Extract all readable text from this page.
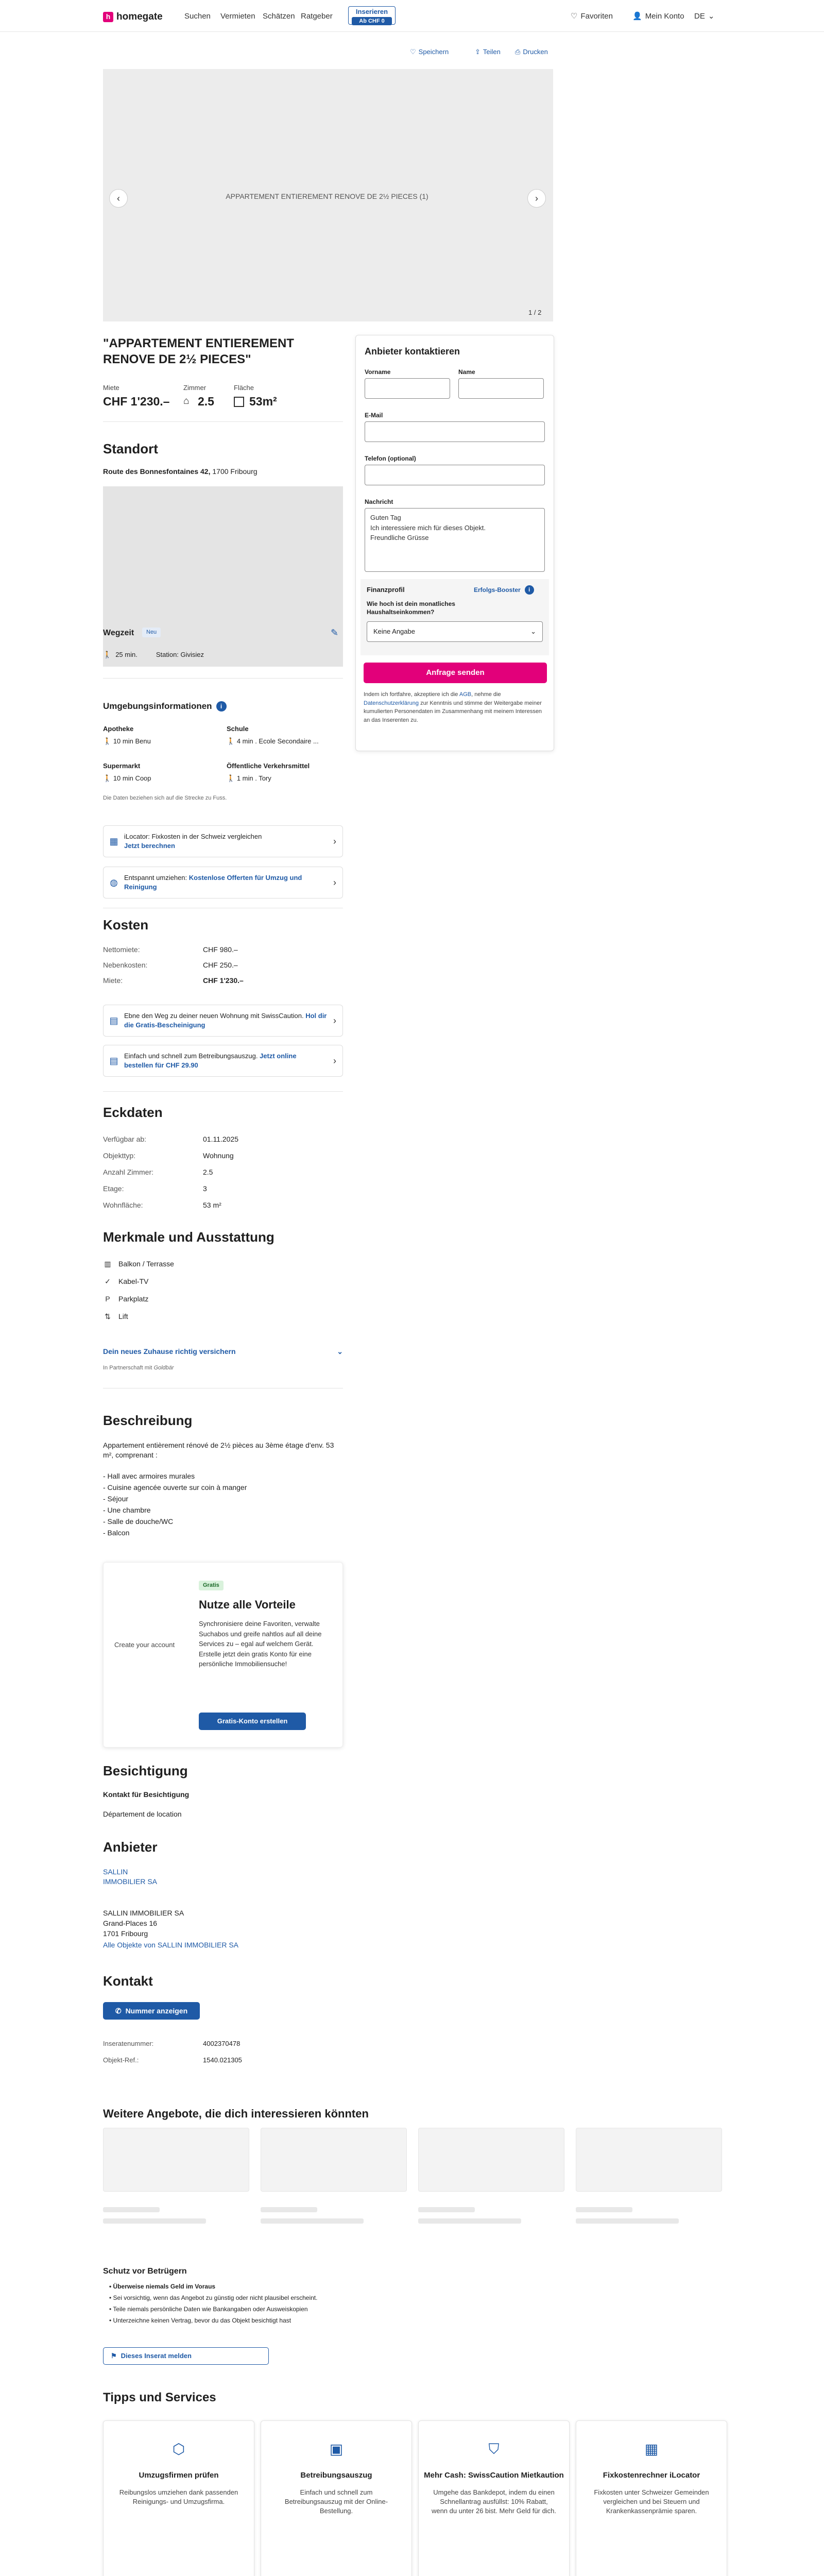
h homegate	Suchen Vermieten Schätzen Ratgeber
Inserieren
Ab CHF 0
♡ Favoriten	👤 Mein Konto DE ⌄
♡ Speichern	⇪ Teilen ⎙ Drucken
APPARTEMENT ENTIEREMENT RENOVE DE 2½ PIECES (1)
‹	›
1 / 2
"APPARTEMENT ENTIEREMENT RENOVE DE 2½ PIECES"
Miete
CHF 1'230.–
Zimmer
⌂ 2.5
Fläche
53m²
Standort
Route des Bonnesfontaines 42, 1700 Fribourg
Wegzeit	Neu	✎
🚶 25 min.	Station: Givisiez
Umgebungsinformationen	i
Apotheke
🚶 10 min Benu
Schule
🚶 4 min . Ecole Secondaire ...
Supermarkt
🚶 10 min Coop
Öffentliche Verkehrsmittel
🚶 1 min . Tory
Die Daten beziehen sich auf die Strecke zu Fuss.
▦ iLocator: Fixkosten in der Schweiz vergleichen
Jetzt berechnen	›
◍ Entspannt umziehen: Kostenlose Offerten für Umzug und Reinigung	›
Kosten
Nettomiete:	CHF 980.–
Nebenkosten:	CHF 250.–
Miete:	CHF 1'230.–
▤ Ebne den Weg zu deiner neuen Wohnung mit SwissCaution. Hol dir die Gratis-Bescheinigung	›
▤ Einfach und schnell zum Betreibungsauszug. Jetzt online bestellen für CHF 29.90	›
Eckdaten
Verfügbar ab:	01.11.2025
Objekttyp:	Wohnung
Anzahl Zimmer:	2.5
Etage:	3
Wohnfläche:	53 m²
Merkmale und Ausstattung
▥ Balkon / Terrasse
✓ Kabel-TV
P	Parkplatz
⇅ Lift
Dein neues Zuhause richtig versichern	⌄
In Partnerschaft mit Goldbär
Beschreibung
Appartement entièrement rénové de 2½ pièces au 3ème étage d'env. 53 m², comprenant :
- Hall avec armoires murales
- Cuisine agencée ouverte sur coin à manger
- Séjour
- Une chambre
- Salle de douche/WC
- Balcon
Create your account
Gratis
Nutze alle Vorteile
Synchronisiere deine Favoriten, verwalte Suchabos und greife nahtlos auf all deine Services zu – egal auf welchem Gerät. Erstelle jetzt dein gratis Konto für eine persönliche Immobiliensuche!
Gratis-Konto erstellen
Besichtigung
Kontakt für Besichtigung
Département de location
Anbieter
SALLIN IMMOBILIER SA
SALLIN IMMOBILIER SA
Grand-Places 16
1701 Fribourg
Alle Objekte von SALLIN IMMOBILIER SA
Kontakt
✆ Nummer anzeigen
Inseratenummer:	4002370478
Objekt-Ref.:	1540.021305
Anbieter kontaktieren
Vorname	Name
E-Mail
Telefon (optional)
Nachricht
Guten Tag
Ich interessiere mich für dieses Objekt.
Freundliche Grüsse
Finanzprofil	Erfolgs-Booster	i
Wie hoch ist dein monatliches Haushaltseinkommen?
Keine Angabe	⌄
Anfrage senden
Indem ich fortfahre, akzeptiere ich die AGB, nehme die Datenschutzerklärung zur Kenntnis und stimme der Weitergabe meiner kumulierten Personendaten im Zusammenhang mit meinem Interessen an das Inserenten zu.
Weitere Angebote, die dich interessieren könnten
Schutz vor Betrügern
• Überweise niemals Geld im Voraus
• Sei vorsichtig, wenn das Angebot zu günstig oder nicht plausibel erscheint.
• Teile niemals persönliche Daten wie Bankangaben oder Ausweiskopien
• Unterzeichne keinen Vertrag, bevor du das Objekt besichtigt hast
⚑ Dieses Inserat melden
Tipps und Services
⬡
Umzugsfirmen prüfen
Reibungslos umziehen dank passenden Reinigungs- und Umzugsfirma.
▣
Betreibungsauszug
Einfach und schnell zum Betreibungsauszug mit der Online-Bestellung.
⛉
Mehr Cash: SwissCaution Mietkaution
Umgehe das Bankdepot, indem du einen Schnellantrag ausfüllst: 10% Rabatt, wenn du unter 26 bist. Mehr Geld für dich.
▦
Fixkostenrechner iLocator
Fixkosten unter Schweizer Gemeinden vergleichen und bei Steuern und Krankenkassenprämie sparen.
